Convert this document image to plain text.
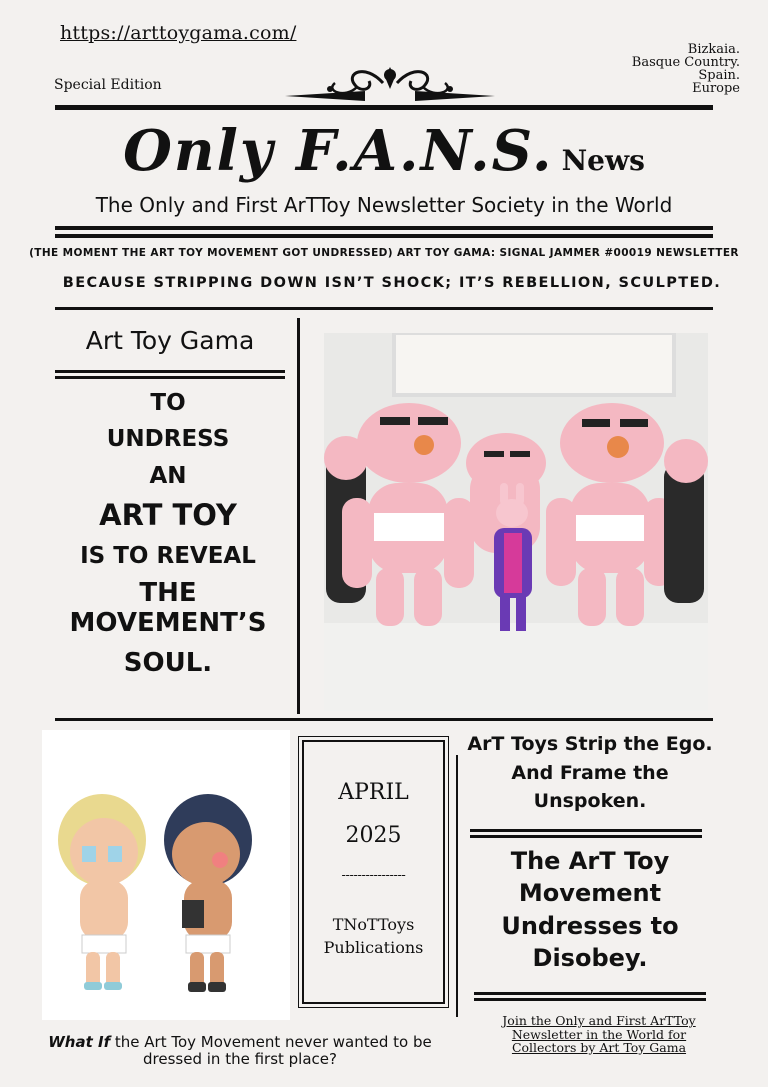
https://arttoygama.com/
Special Edition
Bizkaia.
Basque Country.
Spain.
Europe
Only F.A.N.S. News
The Only and First ArTToy Newsletter Society in the World
(THE MOMENT THE ART TOY MOVEMENT GOT UNDRESSED) ART TOY GAMA: SIGNAL JAMMER #00019 NEWSLETTER
BECAUSE STRIPPING DOWN ISN’T SHOCK; IT’S REBELLION, SCULPTED.
Art Toy Gama
TO
UNDRESS
AN
ART TOY
IS TO REVEAL
THE MOVEMENT’S
SOUL.
APRIL
2025
----------------
TNoTToys Publications
ArT Toys Strip the Ego. And Frame the Unspoken.
The ArT Toy Movement Undresses to Disobey.
Join the Only and First ArTToy Newsletter in the World for Collectors by Art Toy Gama
What If the Art Toy Movement never wanted to be dressed in the first place?
